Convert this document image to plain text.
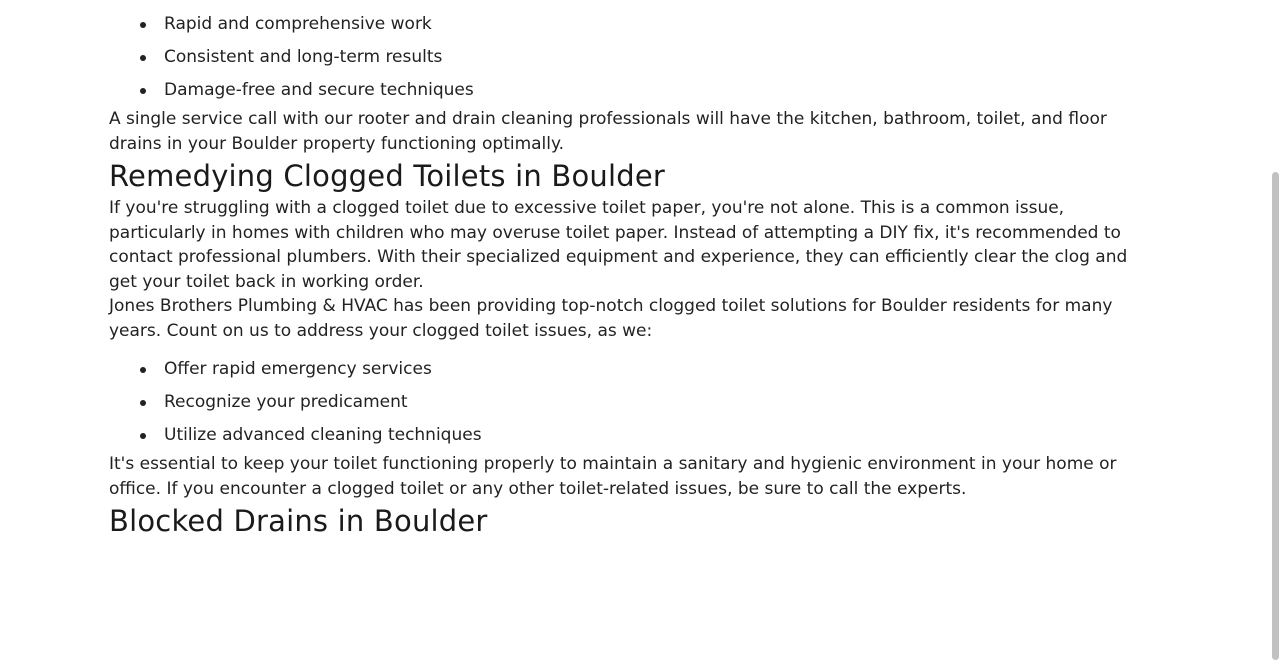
Rapid and comprehensive work
Consistent and long-term results
Damage-free and secure techniques

A single service call with our rooter and drain cleaning professionals will have the kitchen, bathroom, toilet, and floor drains in your Boulder property functioning optimally.

Remedying Clogged Toilets in Boulder

If you're struggling with a clogged toilet due to excessive toilet paper, you're not alone. This is a common issue, particularly in homes with children who may overuse toilet paper. Instead of attempting a DIY fix, it's recommended to contact professional plumbers. With their specialized equipment and experience, they can efficiently clear the clog and get your toilet back in working order.

Jones Brothers Plumbing & HVAC has been providing top-notch clogged toilet solutions for Boulder residents for many years. Count on us to address your clogged toilet issues, as we:

Offer rapid emergency services
Recognize your predicament
Utilize advanced cleaning techniques

It's essential to keep your toilet functioning properly to maintain a sanitary and hygienic environment in your home or office. If you encounter a clogged toilet or any other toilet-related issues, be sure to call the experts.

Blocked Drains in Boulder
